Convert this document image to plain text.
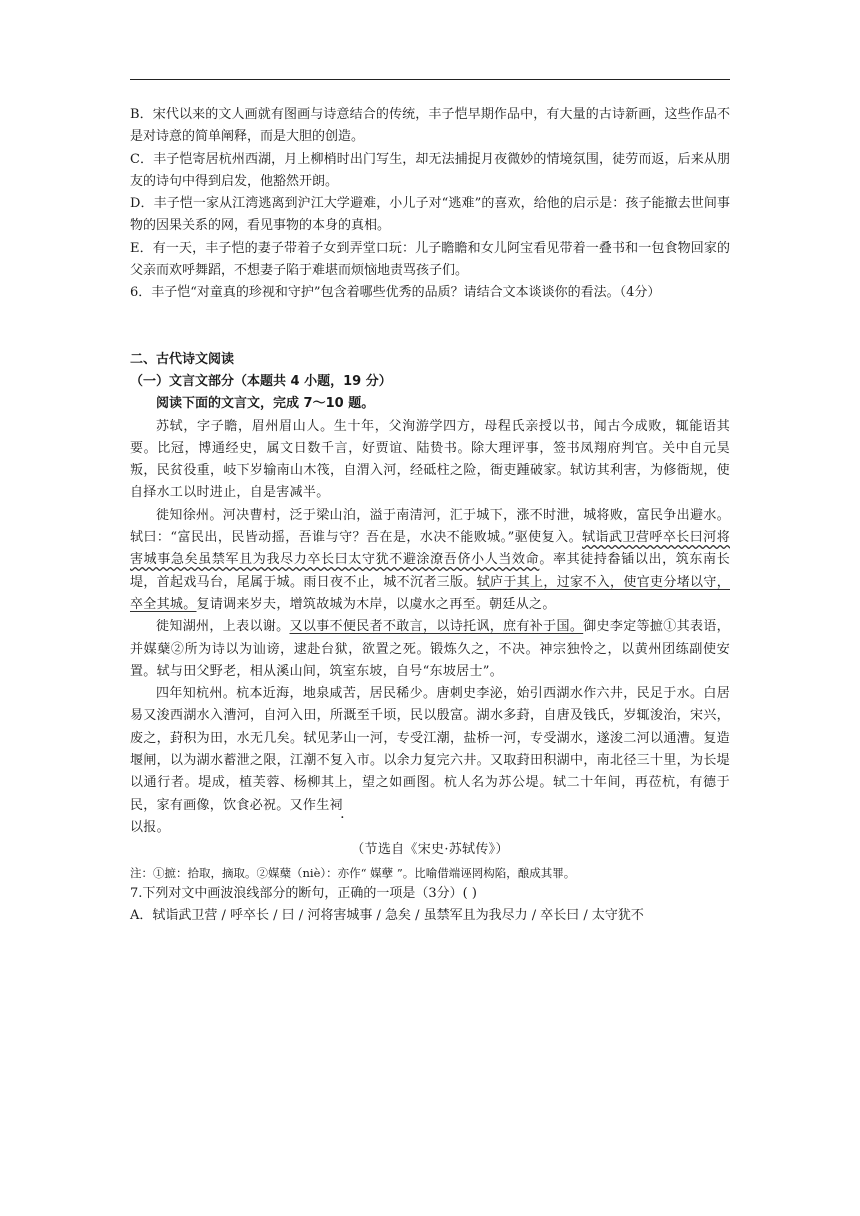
B．宋代以来的文人画就有图画与诗意结合的传统，丰子恺早期作品中，有大量的古诗新画，这些作品不是对诗意的简单阐释，而是大胆的创造。

C．丰子恺寄居杭州西湖，月上柳梢时出门写生，却无法捕捉月夜微妙的情境氛围，徒劳而返，后来从朋友的诗句中得到启发，他豁然开朗。

D．丰子恺一家从江湾逃离到沪江大学避难，小儿子对“逃难”的喜欢，给他的启示是：孩子能撤去世间事物的因果关系的网，看见事物的本身的真相。

E．有一天，丰子恺的妻子带着子女到弄堂口玩：儿子瞻瞻和女儿阿宝看见带着一叠书和一包食物回家的父亲而欢呼舞蹈，不想妻子陷于难堪而烦恼地责骂孩子们。

6．丰子恺“对童真的珍视和守护”包含着哪些优秀的品质？请结合文本谈谈你的看法。（4分）

二、古代诗文阅读

（一）文言文部分（本题共 4 小题，19 分）

阅读下面的文言文，完成 7～10 题。

苏轼，字子瞻，眉州眉山人。生十年，父洵游学四方，母程氏亲授以书，闻古今成败，辄能语其要。比冠，博通经史，属文日数千言，好贾谊、陆贽书。除大理评事，签书凤翔府判官。关中自元昊叛，民贫役重，岐下岁输南山木筏，自渭入河，经砥柱之险，衙吏踵破家。轼访其利害，为修衙规，使自择水工以时进止，自是害减半。

徙知徐州。河决曹村，泛于梁山泊，溢于南清河，汇于城下，涨不时泄，城将败，富民争出避水。轼曰：“富民出，民皆动摇，吾谁与守？吾在是，水决不能败城。”驱使复入。轼诣武卫营呼卒长曰河将害城事急矣虽禁军且为我尽力卒长曰太守犹不避涂潦吾侪小人当效命。率其徒持畚锸以出，筑东南长堤，首起戏马台，尾属于城。雨日夜不止，城不沉者三版。轼庐于其上，过家不入，使官吏分堵以守，卒全其城。复请调来岁夫，增筑故城为木岸，以虞水之再至。朝廷从之。

徙知湖州，上表以谢。又以事不便民者不敢言，以诗托讽，庶有补于国。御史李定等摭①其表语，并媒蘖②所为诗以为讪谤，逮赴台狱，欲置之死。锻炼久之，不决。神宗独怜之，以黄州团练副使安置。轼与田父野老，相从溪山间，筑室东坡，自号“东坡居士”。

四年知杭州。杭本近海，地泉咸苦，居民稀少。唐刺史李泌，始引西湖水作六井，民足于水。白居易又浚西湖水入漕河，自河入田，所溉至千顷，民以殷富。湖水多葑，自唐及钱氏，岁辄浚治，宋兴，废之，葑积为田，水无几矣。轼见茅山一河，专受江潮，盐桥一河，专受湖水，遂浚二河以通漕。复造堰闸，以为湖水蓄泄之限，江潮不复入市。以余力复完六井。又取葑田积湖中，南北径三十里，为长堤以通行者。堤成，植芙蓉、杨柳其上，望之如画图。杭人名为苏公堤。轼二十年间，再莅杭，有德于民，家有画像，饮食必祝。又作生祠
以报。

（节选自《宋史·苏轼传》）

注：①摭：拾取，摘取。②媒蘖（niè）：亦作“ 媒孽 ”。比喻借端诬罔构陷，酿成其罪。

7.下列对文中画波浪线部分的断句，正确的一项是（3分）( )

A．轼诣武卫营 / 呼卒长 / 曰 / 河将害城事 / 急矣 / 虽禁军且为我尽力 / 卒长曰 / 太守犹不
